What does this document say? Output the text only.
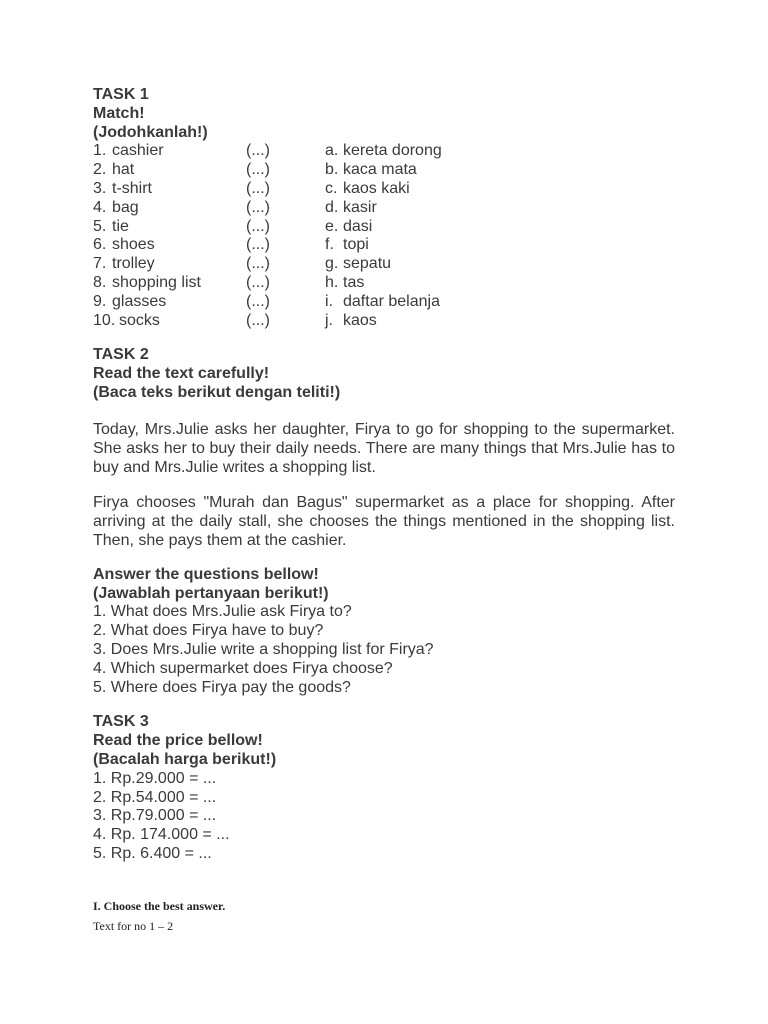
TASK 1

Match!

(Jodohkanlah!)

1. cashier	(...)	a. kereta dorong
2. hat	(...)	b. kaca mata
3. t-shirt	(...)	c. kaos kaki
4. bag	(...)	d. kasir
5. tie	(...)	e. dasi
6. shoes	(...)	f. topi
7. trolley	(...)	g. sepatu
8. shopping list	(...)	h. tas
9. glasses	(...)	i. daftar belanja
10. socks	(...)	j. kaos

TASK 2

Read the text carefully!

(Baca teks berikut dengan teliti!)

Today, Mrs.Julie asks her daughter, Firya to go for shopping to the supermarket. She asks her to buy their daily needs. There are many things that Mrs.Julie has to buy and Mrs.Julie writes a shopping list.

Firya chooses "Murah dan Bagus" supermarket as a place for shopping. After arriving at the daily stall, she chooses the things mentioned in the shopping list. Then, she pays them at the cashier.

Answer the questions bellow!

(Jawablah pertanyaan berikut!)

1. What does Mrs.Julie ask Firya to?

2. What does Firya have to buy?

3. Does Mrs.Julie write a shopping list for Firya?

4. Which supermarket does Firya choose?

5. Where does Firya pay the goods?

TASK 3

Read the price bellow!

(Bacalah harga berikut!)

1. Rp.29.000 = ...

2. Rp.54.000 = ...

3. Rp.79.000 = ...

4. Rp. 174.000 = ...

5. Rp. 6.400 = ...

I. Choose the best answer.

Text for no 1 – 2
